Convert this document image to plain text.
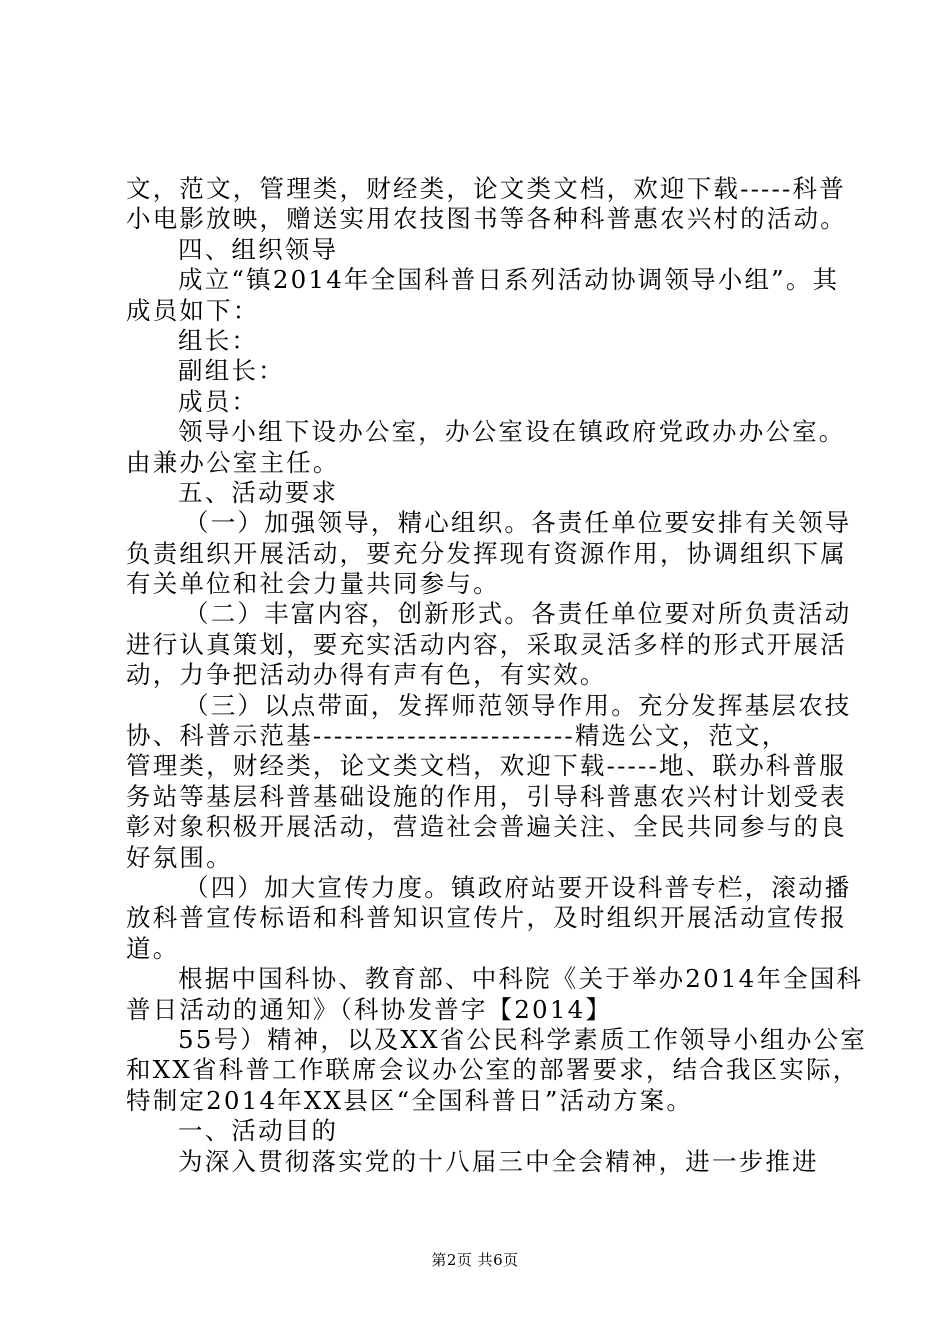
文，范文，管理类，财经类，论文类文档，欢迎下载-----科普
小电影放映，赠送实用农技图书等各种科普惠农兴村的活动。
四、组织领导
成立“镇2014年全国科普日系列活动协调领导小组”。其
成员如下：
组长：
副组长：
成员：
领导小组下设办公室，办公室设在镇政府党政办办公室。
由兼办公室主任。
五、活动要求
（一）加强领导，精心组织。各责任单位要安排有关领导
负责组织开展活动，要充分发挥现有资源作用，协调组织下属
有关单位和社会力量共同参与。
（二）丰富内容，创新形式。各责任单位要对所负责活动
进行认真策划，要充实活动内容，采取灵活多样的形式开展活
动，力争把活动办得有声有色，有实效。
（三）以点带面，发挥师范领导作用。充分发挥基层农技
协、科普示范基-------------------------精选公文，范文，
管理类，财经类，论文类文档，欢迎下载-----地、联办科普服
务站等基层科普基础设施的作用，引导科普惠农兴村计划受表
彰对象积极开展活动，营造社会普遍关注、全民共同参与的良
好氛围。
（四）加大宣传力度。镇政府站要开设科普专栏，滚动播
放科普宣传标语和科普知识宣传片，及时组织开展活动宣传报
道。
根据中国科协、教育部、中科院《关于举办2014年全国科
普日活动的通知》（科协发普字【2014】
55号）精神，以及XX省公民科学素质工作领导小组办公室
和XX省科普工作联席会议办公室的部署要求，结合我区实际，
特制定2014年XX县区“全国科普日”活动方案。
一、活动目的
为深入贯彻落实党的十八届三中全会精神，进一步推进
第2页 共6页
